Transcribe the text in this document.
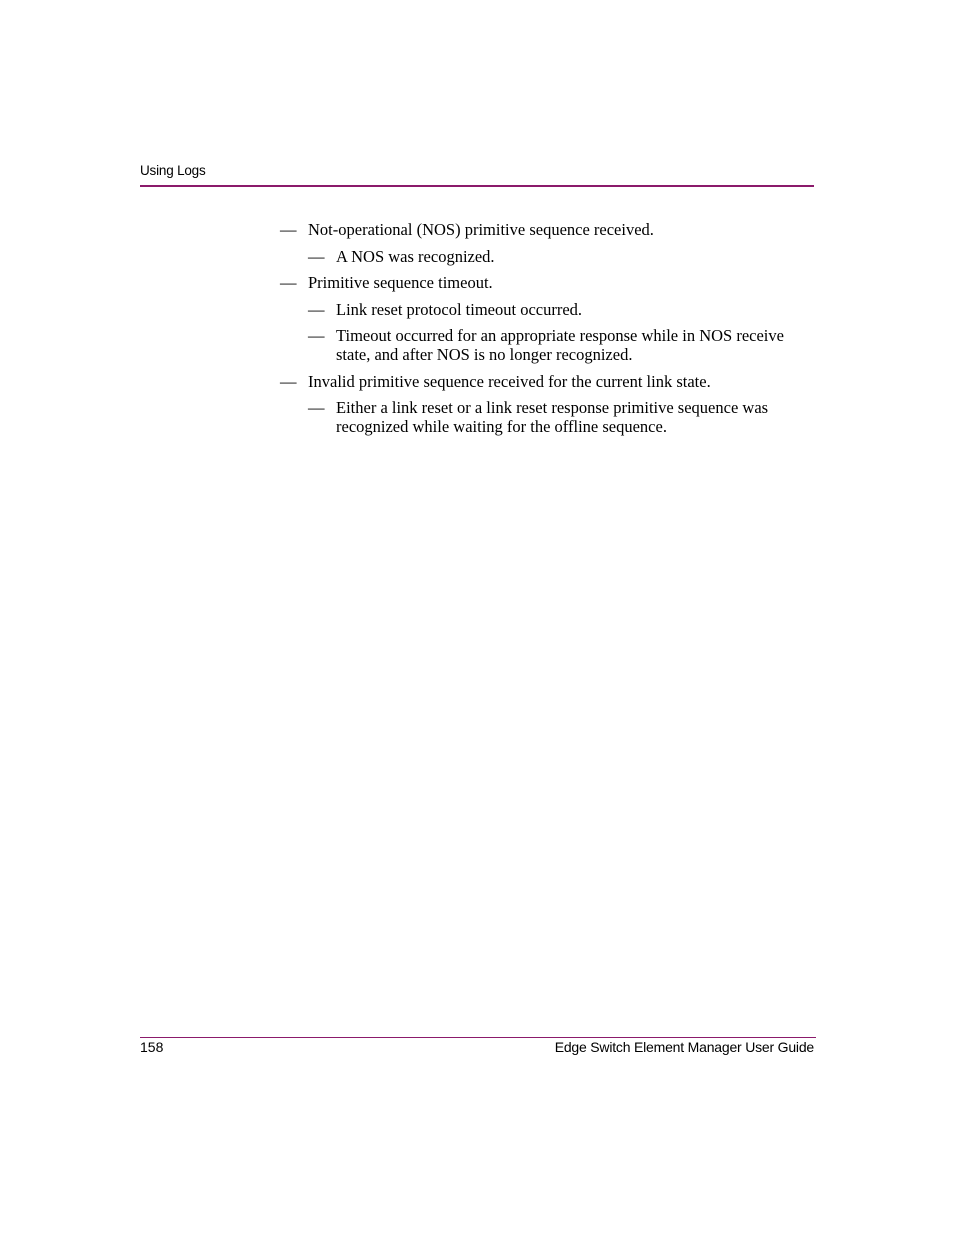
Using Logs
— Not-operational (NOS) primitive sequence received.
— A NOS was recognized.
— Primitive sequence timeout.
— Link reset protocol timeout occurred.
— Timeout occurred for an appropriate response while in NOS receive state, and after NOS is no longer recognized.
— Invalid primitive sequence received for the current link state.
— Either a link reset or a link reset response primitive sequence was recognized while waiting for the offline sequence.
158	Edge Switch Element Manager User Guide
